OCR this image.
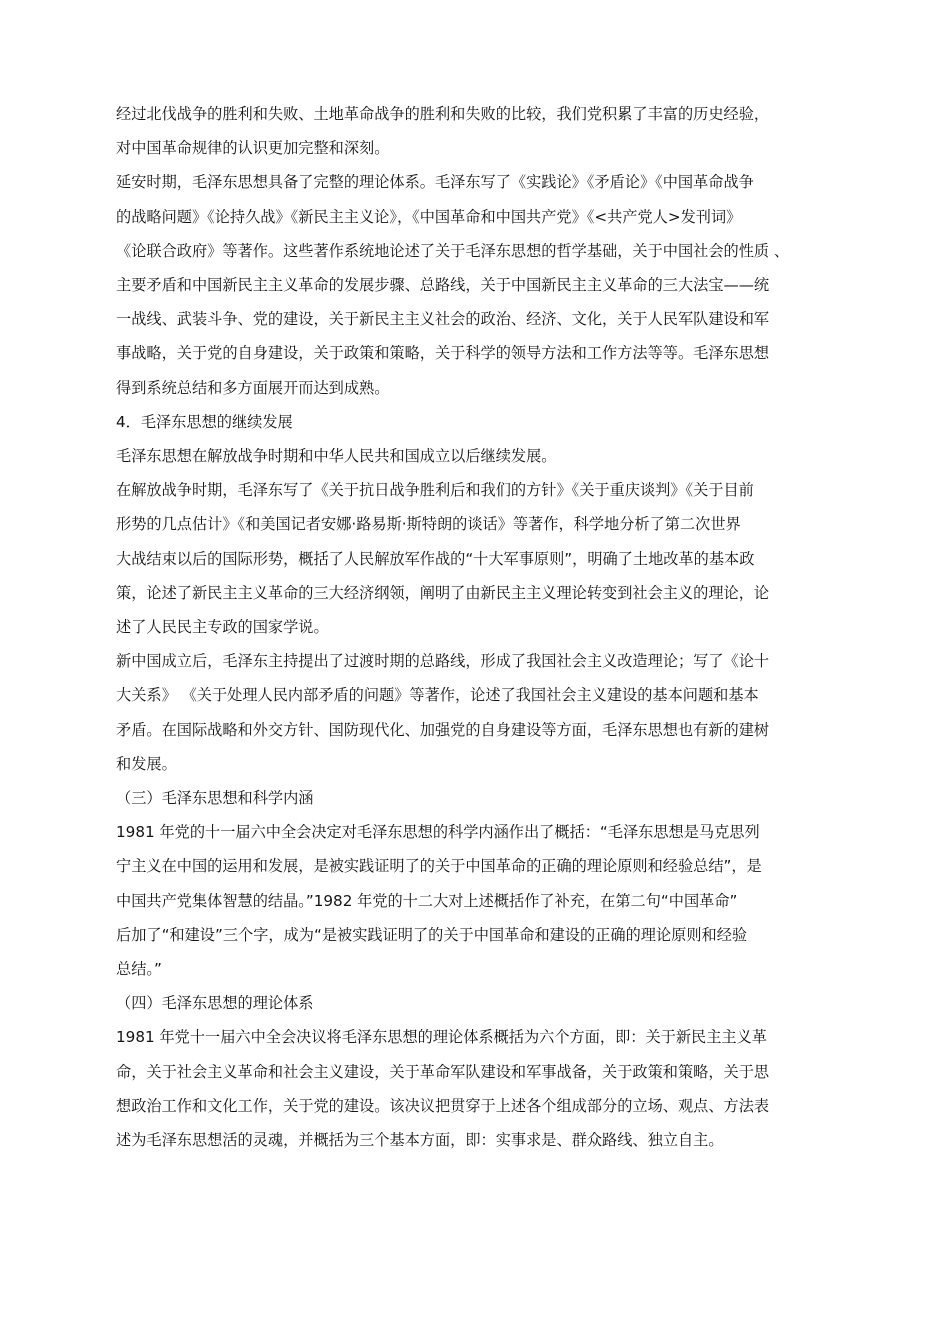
经过北伐战争的胜利和失败、土地革命战争的胜利和失败的比较，我们党积累了丰富的历史经验，
对中国革命规律的认识更加完整和深刻。

延安时期，毛泽东思想具备了完整的理论体系。毛泽东写了《实践论》《矛盾论》《中国革命战争
的战略问题》《论持久战》《新民主主义论》，《中国革命和中国共产党》《<共产党人>发刊词》
《论联合政府》等著作。这些著作系统地论述了关于毛泽东思想的哲学基础，关于中国社会的性质 、
主要矛盾和中国新民主主义革命的发展步骤、总路线，关于中国新民主主义革命的三大法宝——统
一战线、武装斗争、党的建设，关于新民主主义社会的政治、经济、文化，关于人民军队建设和军
事战略，关于党的自身建设，关于政策和策略，关于科学的领导方法和工作方法等等。毛泽东思想
得到系统总结和多方面展开而达到成熟。

4．毛泽东思想的继续发展

毛泽东思想在解放战争时期和中华人民共和国成立以后继续发展。

在解放战争时期，毛泽东写了《关于抗日战争胜利后和我们的方针》《关于重庆谈判》《关于目前
形势的几点估计》《和美国记者安娜·路易斯·斯特朗的谈话》等著作，科学地分析了第二次世界
大战结束以后的国际形势，概括了人民解放军作战的“十大军事原则”，明确了土地改革的基本政
策，论述了新民主主义革命的三大经济纲领，阐明了由新民主主义理论转变到社会主义的理论，论
述了人民民主专政的国家学说。

新中国成立后，毛泽东主持提出了过渡时期的总路线，形成了我国社会主义改造理论；写了《论十
大关系》 《关于处理人民内部矛盾的问题》等著作，论述了我国社会主义建设的基本问题和基本
矛盾。在国际战略和外交方针、国防现代化、加强党的自身建设等方面，毛泽东思想也有新的建树
和发展。

（三）毛泽东思想和科学内涵

1981 年党的十一届六中全会决定对毛泽东思想的科学内涵作出了概括：“毛泽东思想是马克思列
宁主义在中国的运用和发展，是被实践证明了的关于中国革命的正确的理论原则和经验总结”，是
中国共产党集体智慧的结晶。”1982 年党的十二大对上述概括作了补充，在第二句“中国革命”
后加了“和建设”三个字，成为“是被实践证明了的关于中国革命和建设的正确的理论原则和经验
总结。”

（四）毛泽东思想的理论体系

1981 年党十一届六中全会决议将毛泽东思想的理论体系概括为六个方面，即：关于新民主主义革
命，关于社会主义革命和社会主义建设，关于革命军队建设和军事战备，关于政策和策略，关于思
想政治工作和文化工作，关于党的建设。该决议把贯穿于上述各个组成部分的立场、观点、方法表
述为毛泽东思想活的灵魂，并概括为三个基本方面，即：实事求是、群众路线、独立自主。
